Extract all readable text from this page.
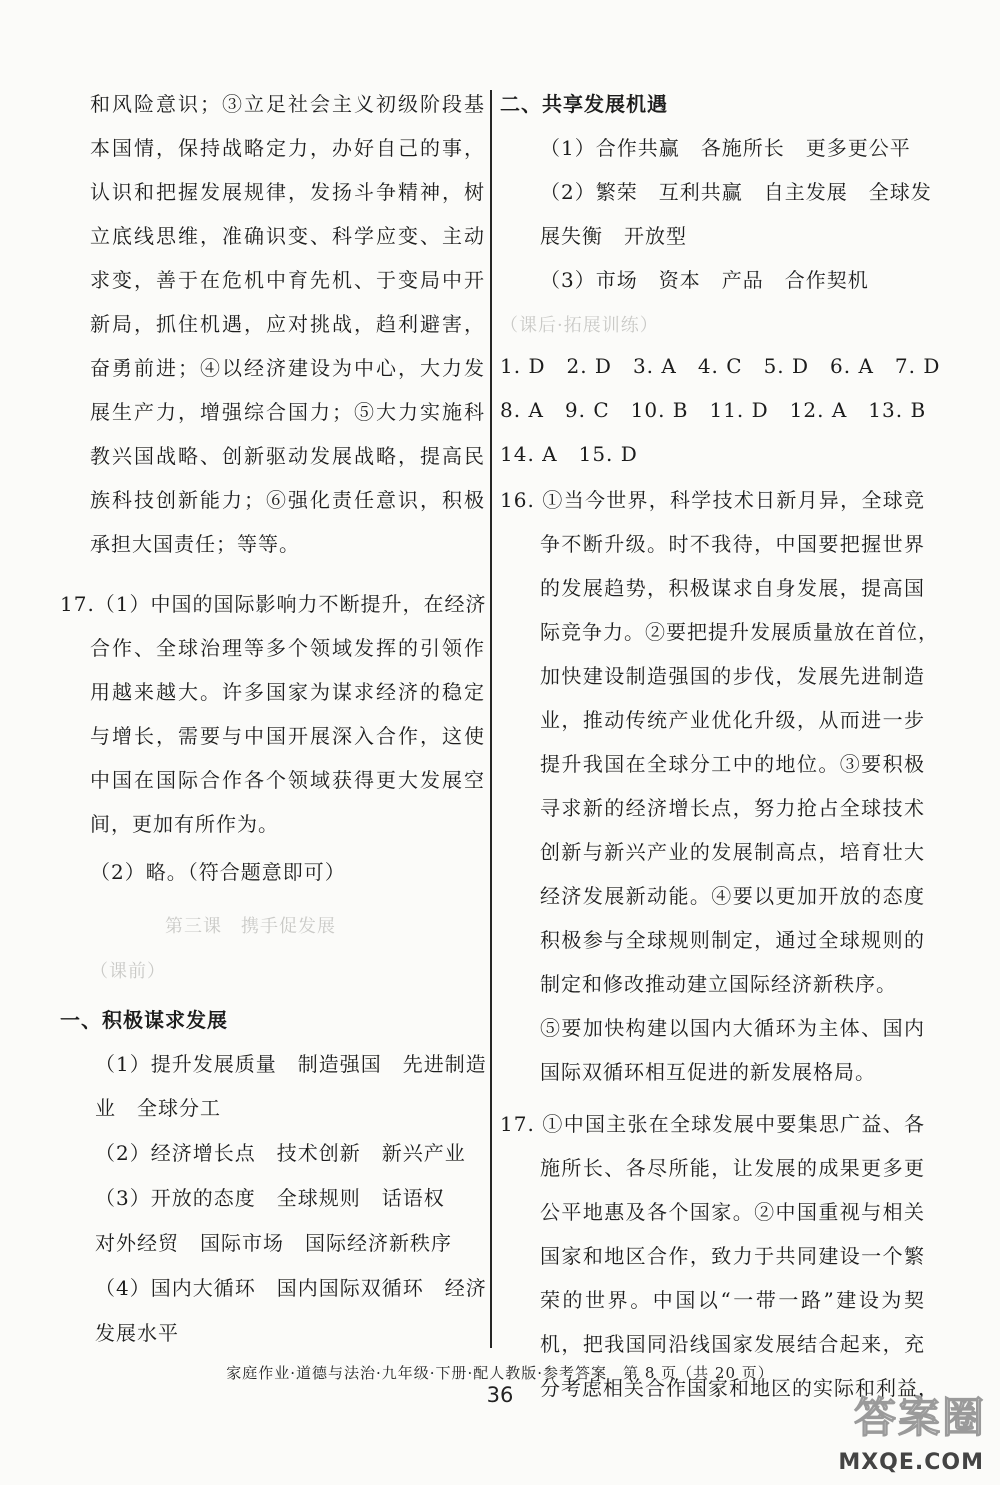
和风险意识；③立足社会主义初级阶段基
本国情，保持战略定力，办好自己的事，
认识和把握发展规律，发扬斗争精神，树
立底线思维，准确识变、科学应变、主动
求变，善于在危机中育先机、于变局中开
新局，抓住机遇，应对挑战，趋利避害，
奋勇前进；④以经济建设为中心，大力发
展生产力，增强综合国力；⑤大力实施科
教兴国战略、创新驱动发展战略，提高民
族科技创新能力；⑥强化责任意识，积极
承担大国责任；等等。
17.（1）中国的国际影响力不断提升，在经济
合作、全球治理等多个领域发挥的引领作
用越来越大。许多国家为谋求经济的稳定
与增长，需要与中国开展深入合作，这使
中国在国际合作各个领域获得更大发展空
间，更加有所作为。
（2）略。（符合题意即可）
第三课　携手促发展
（课前）
一、积极谋求发展
（1）提升发展质量　制造强国　先进制造
业　全球分工
（2）经济增长点　技术创新　新兴产业
（3）开放的态度　全球规则　话语权
对外经贸　国际市场　国际经济新秩序
（4）国内大循环　国内国际双循环　经济
发展水平
二、共享发展机遇
（1）合作共赢　各施所长　更多更公平
（2）繁荣　互利共赢　自主发展　全球发
展失衡　开放型
（3）市场　资本　产品　合作契机
（课后·拓展训练）
1. D　2. D　3. A　4. C　5. D　6. A　7. D
8. A　9. C　10. B　11. D　12. A　13. B
14. A　15. D
16. ①当今世界，科学技术日新月异，全球竞
争不断升级。时不我待，中国要把握世界
的发展趋势，积极谋求自身发展，提高国
际竞争力。②要把提升发展质量放在首位，
加快建设制造强国的步伐，发展先进制造
业，推动传统产业优化升级，从而进一步
提升我国在全球分工中的地位。③要积极
寻求新的经济增长点，努力抢占全球技术
创新与新兴产业的发展制高点，培育壮大
经济发展新动能。④要以更加开放的态度
积极参与全球规则制定，通过全球规则的
制定和修改推动建立国际经济新秩序。
⑤要加快构建以国内大循环为主体、国内
国际双循环相互促进的新发展格局。
17. ①中国主张在全球发展中要集思广益、各
施所长、各尽所能，让发展的成果更多更
公平地惠及各个国家。②中国重视与相关
国家和地区合作，致力于共同建设一个繁
荣的世界。中国以“一带一路”建设为契
机，把我国同沿线国家发展结合起来，充
分考虑相关合作国家和地区的实际和利益，
家庭作业·道德与法治·九年级·下册·配人教版·参考答案　第 8 页（共 20 页）
36	答案圈
MXQE.COM
